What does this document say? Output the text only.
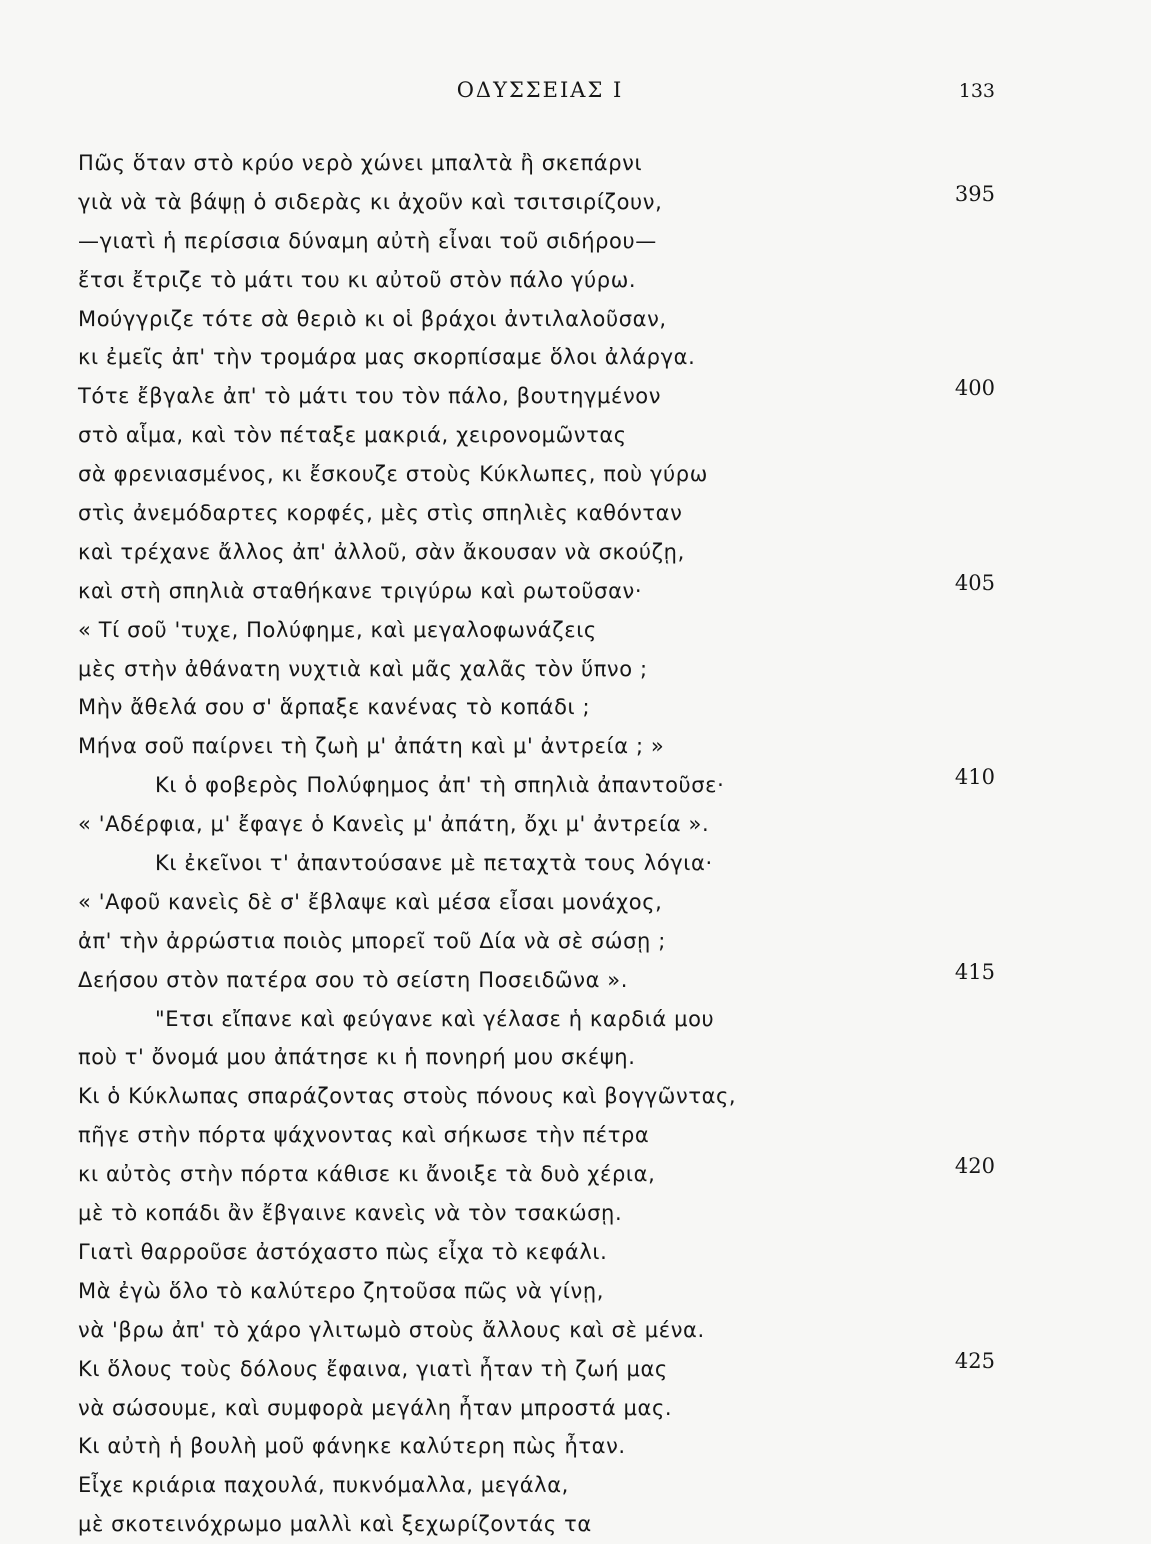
ΟΔΥΣΣΕΙΑΣ Ι	133
Πῶς ὅταν στὸ κρύο νερὸ χώνει μπαλτὰ ἢ σκεπάρνι
γιὰ νὰ τὰ βάψῃ ὁ σιδερὰς κι ἀχοῦν καὶ τσιτσιρίζουν,	395
—γιατὶ ἡ περίσσια δύναμη αὐτὴ εἶναι τοῦ σιδήρου—
ἔτσι ἔτριζε τὸ μάτι του κι αὐτοῦ στὸν πάλο γύρω.
Μούγγριζε τότε σὰ θεριὸ κι οἱ βράχοι ἀντιλαλοῦσαν,
κι ἐμεῖς ἀπ' τὴν τρομάρα μας σκορπίσαμε ὅλοι ἀλάργα.
Τότε ἔβγαλε ἀπ' τὸ μάτι του τὸν πάλο, βουτηγμένον	400
στὸ αἷμα, καὶ τὸν πέταξε μακριά, χειρονομῶντας
σὰ φρενιασμένος, κι ἔσκουζε στοὺς Κύκλωπες, ποὺ γύρω
στὶς ἀνεμόδαρτες κορφές, μὲς στὶς σπηλιὲς καθόνταν
καὶ τρέχανε ἄλλος ἀπ' ἀλλοῦ, σὰν ἄκουσαν νὰ σκούζῃ,
καὶ στὴ σπηλιὰ σταθήκανε τριγύρω καὶ ρωτοῦσαν·	405
« Τί σοῦ 'τυχε, Πολύφημε, καὶ μεγαλοφωνάζεις
μὲς στὴν ἀθάνατη νυχτιὰ καὶ μᾶς χαλᾶς τὸν ὕπνο ;
Μὴν ἄθελά σου σ' ἅρπαξε κανένας τὸ κοπάδι ;
Μήνα σοῦ παίρνει τὴ ζωὴ μ' ἀπάτη καὶ μ' ἀντρεία ; »
Κι ὁ φοβερὸς Πολύφημος ἀπ' τὴ σπηλιὰ ἀπαντοῦσε·	410
« 'Αδέρφια, μ' ἔφαγε ὁ Κανεὶς μ' ἀπάτη, ὄχι μ' ἀντρεία ».
Κι ἐκεῖνοι τ' ἀπαντούσανε μὲ πεταχτὰ τους λόγια·
« 'Αφοῦ κανεὶς δὲ σ' ἔβλαψε καὶ μέσα εἶσαι μονάχος,
ἀπ' τὴν ἀρρώστια ποιὸς μπορεῖ τοῦ Δία νὰ σὲ σώσῃ ;
Δεήσου στὸν πατέρα σου τὸ σείστη Ποσειδῶνα ».	415
"Ετσι εἴπανε καὶ φεύγανε καὶ γέλασε ἡ καρδιά μου
ποὺ τ' ὄνομά μου ἀπάτησε κι ἡ πονηρή μου σκέψη.
Κι ὁ Κύκλωπας σπαράζοντας στοὺς πόνους καὶ βογγῶντας,
πῆγε στὴν πόρτα ψάχνοντας καὶ σήκωσε τὴν πέτρα
κι αὐτὸς στὴν πόρτα κάθισε κι ἄνοιξε τὰ δυὸ χέρια,	420
μὲ τὸ κοπάδι ἂν ἔβγαινε κανεὶς νὰ τὸν τσακώσῃ.
Γιατὶ θαρροῦσε ἀστόχαστο πὼς εἶχα τὸ κεφάλι.
Μὰ ἐγὼ ὅλο τὸ καλύτερο ζητοῦσα πῶς νὰ γίνῃ,
νὰ 'βρω ἀπ' τὸ χάρο γλιτωμὸ στοὺς ἄλλους καὶ σὲ μένα.
Κι ὅλους τοὺς δόλους ἔφαινα, γιατὶ ἦταν τὴ ζωή μας	425
νὰ σώσουμε, καὶ συμφορὰ μεγάλη ἦταν μπροστά μας.
Κι αὐτὴ ἡ βουλὴ μοῦ φάνηκε καλύτερη πὼς ἦταν.
Εἶχε κριάρια παχουλά, πυκνόμαλλα, μεγάλα,
μὲ σκοτεινόχρωμο μαλλὶ καὶ ξεχωρίζοντάς τα
